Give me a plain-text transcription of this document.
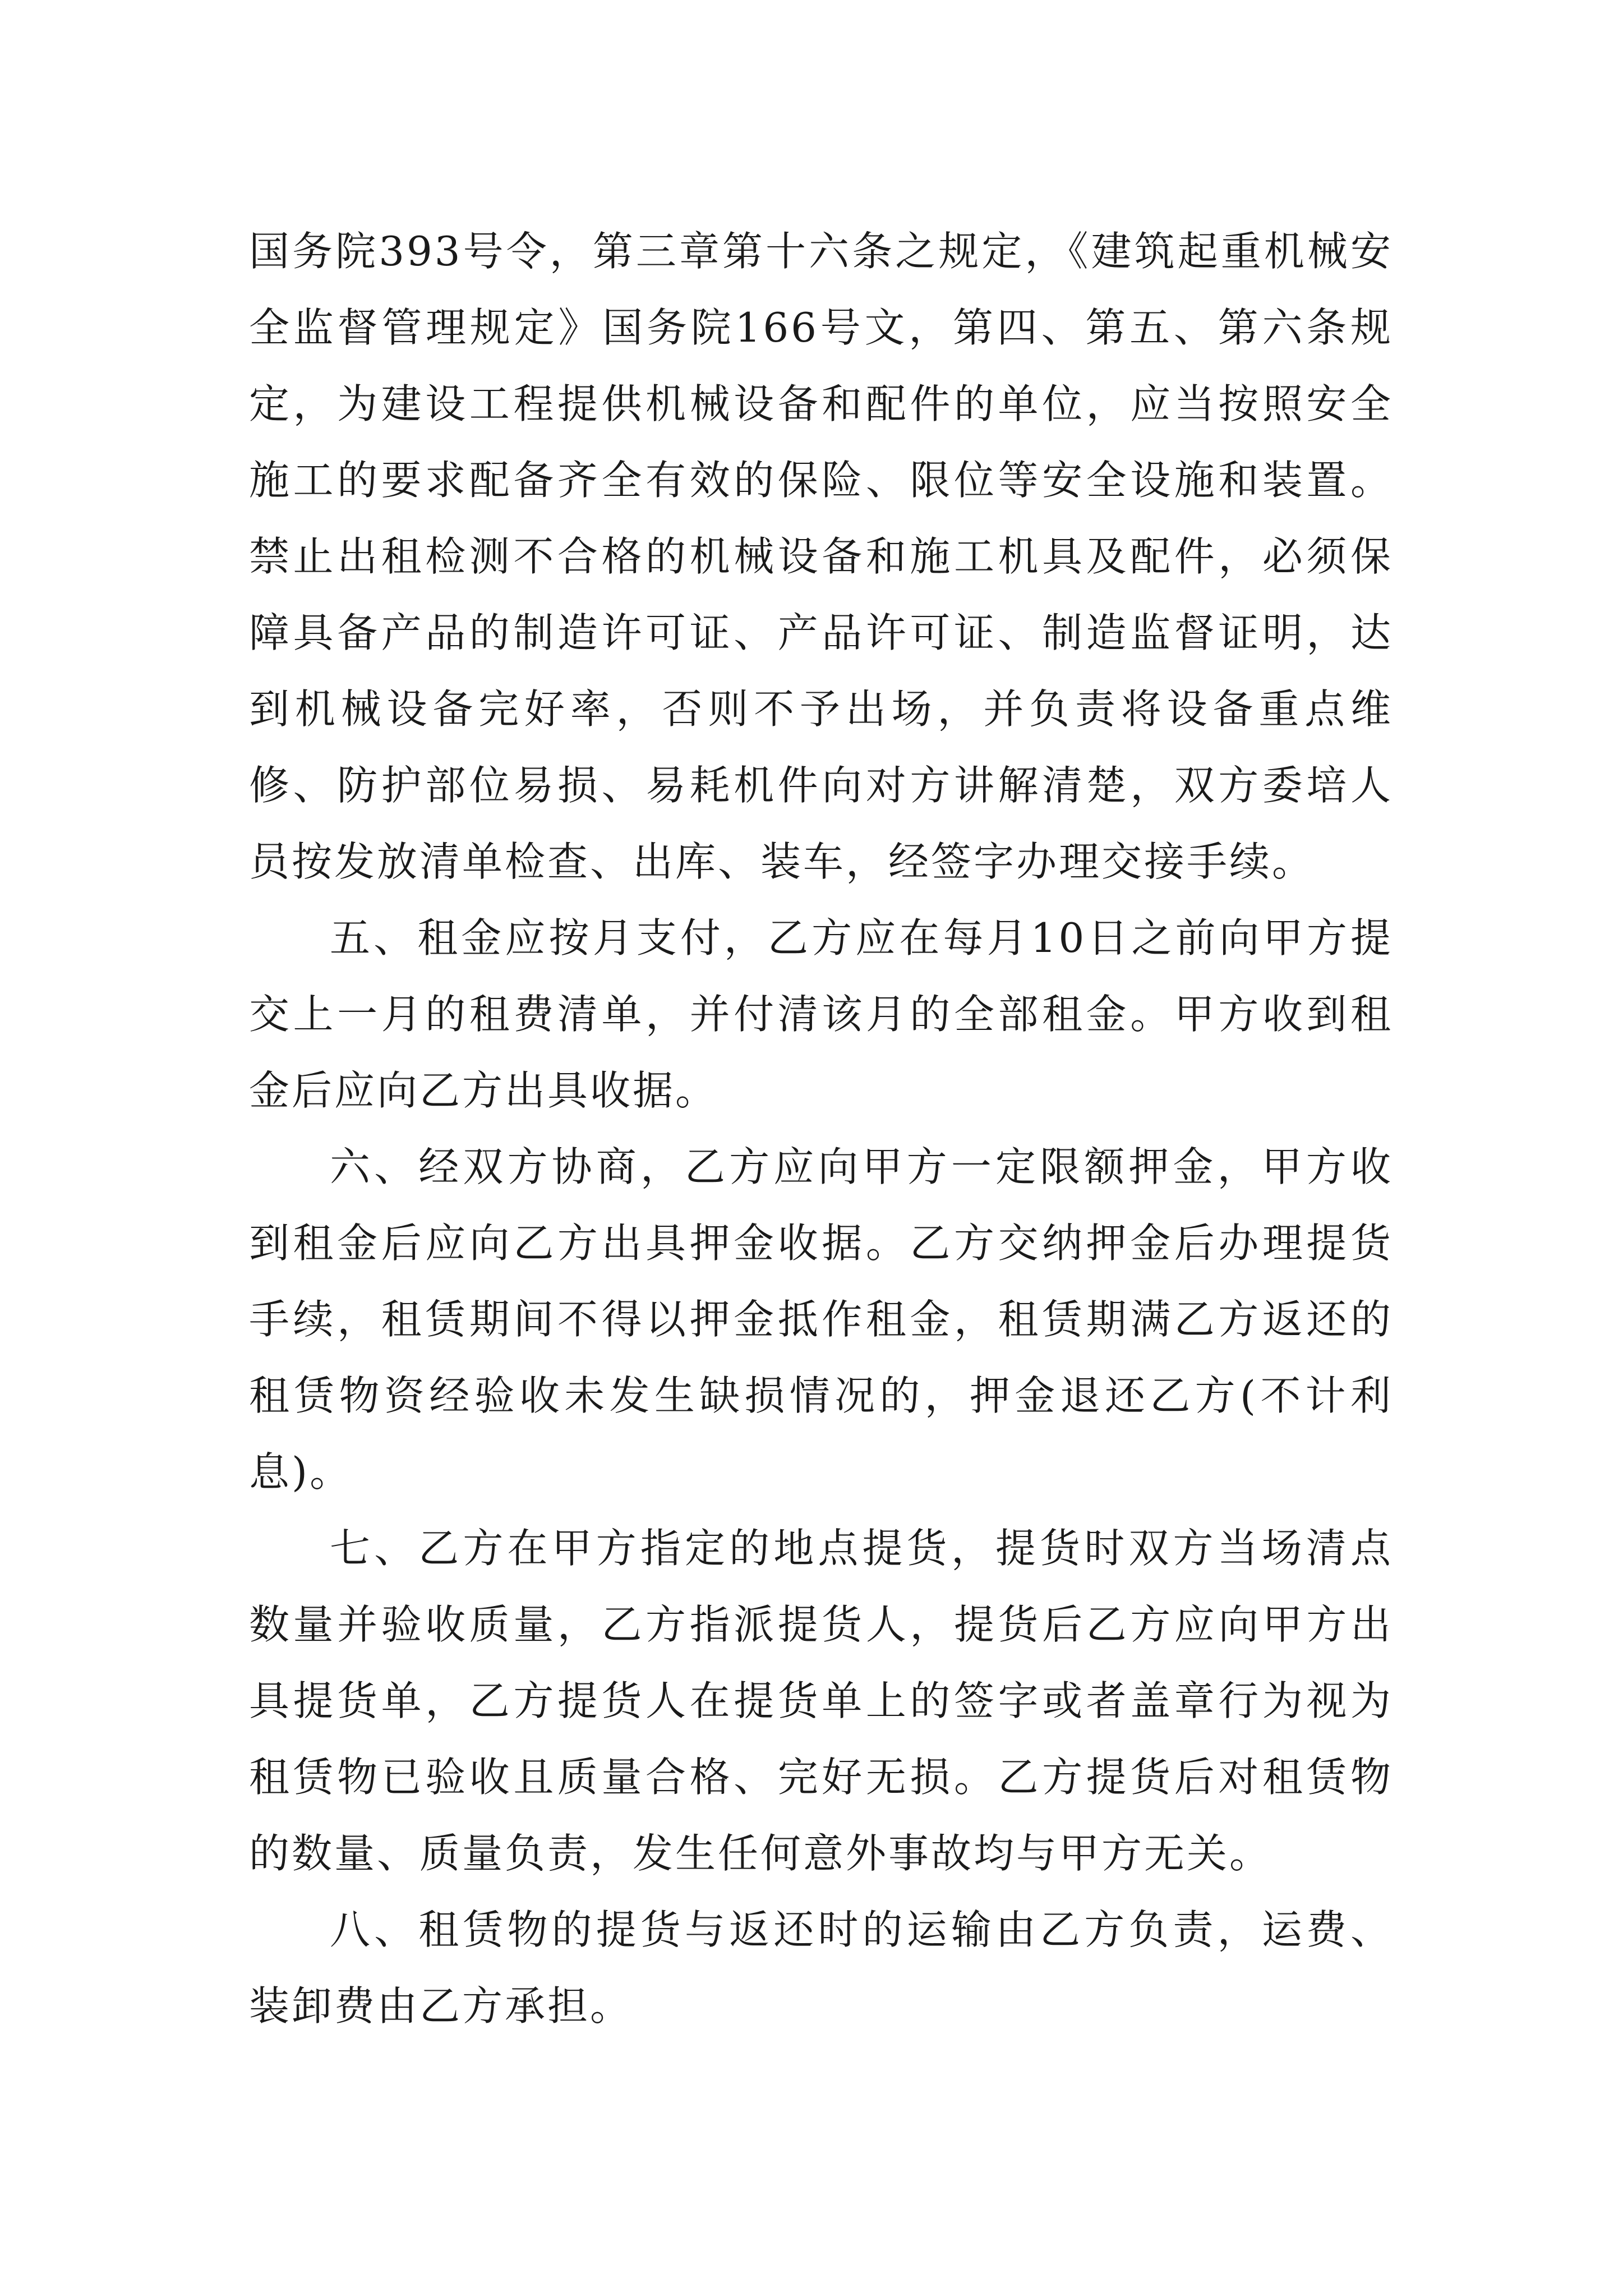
国务院393号令，第三章第十六条之规定，《建筑起重机械安全监督管理规定》国务院166号文，第四、第五、第六条规定，为建设工程提供机械设备和配件的单位，应当按照安全施工的要求配备齐全有效的保险、限位等安全设施和装置。禁止出租检测不合格的机械设备和施工机具及配件，必须保障具备产品的制造许可证、产品许可证、制造监督证明，达到机械设备完好率，否则不予出场，并负责将设备重点维修、防护部位易损、易耗机件向对方讲解清楚，双方委培人员按发放清单检查、出库、装车，经签字办理交接手续。

五、租金应按月支付，乙方应在每月10日之前向甲方提交上一月的租费清单，并付清该月的全部租金。甲方收到租金后应向乙方出具收据。

六、经双方协商，乙方应向甲方一定限额押金，甲方收到租金后应向乙方出具押金收据。乙方交纳押金后办理提货手续，租赁期间不得以押金抵作租金，租赁期满乙方返还的租赁物资经验收未发生缺损情况的，押金退还乙方(不计利息)。

七、乙方在甲方指定的地点提货，提货时双方当场清点数量并验收质量，乙方指派提货人，提货后乙方应向甲方出具提货单，乙方提货人在提货单上的签字或者盖章行为视为租赁物已验收且质量合格、完好无损。乙方提货后对租赁物的数量、质量负责，发生任何意外事故均与甲方无关。

八、租赁物的提货与返还时的运输由乙方负责，运费、装卸费由乙方承担。
